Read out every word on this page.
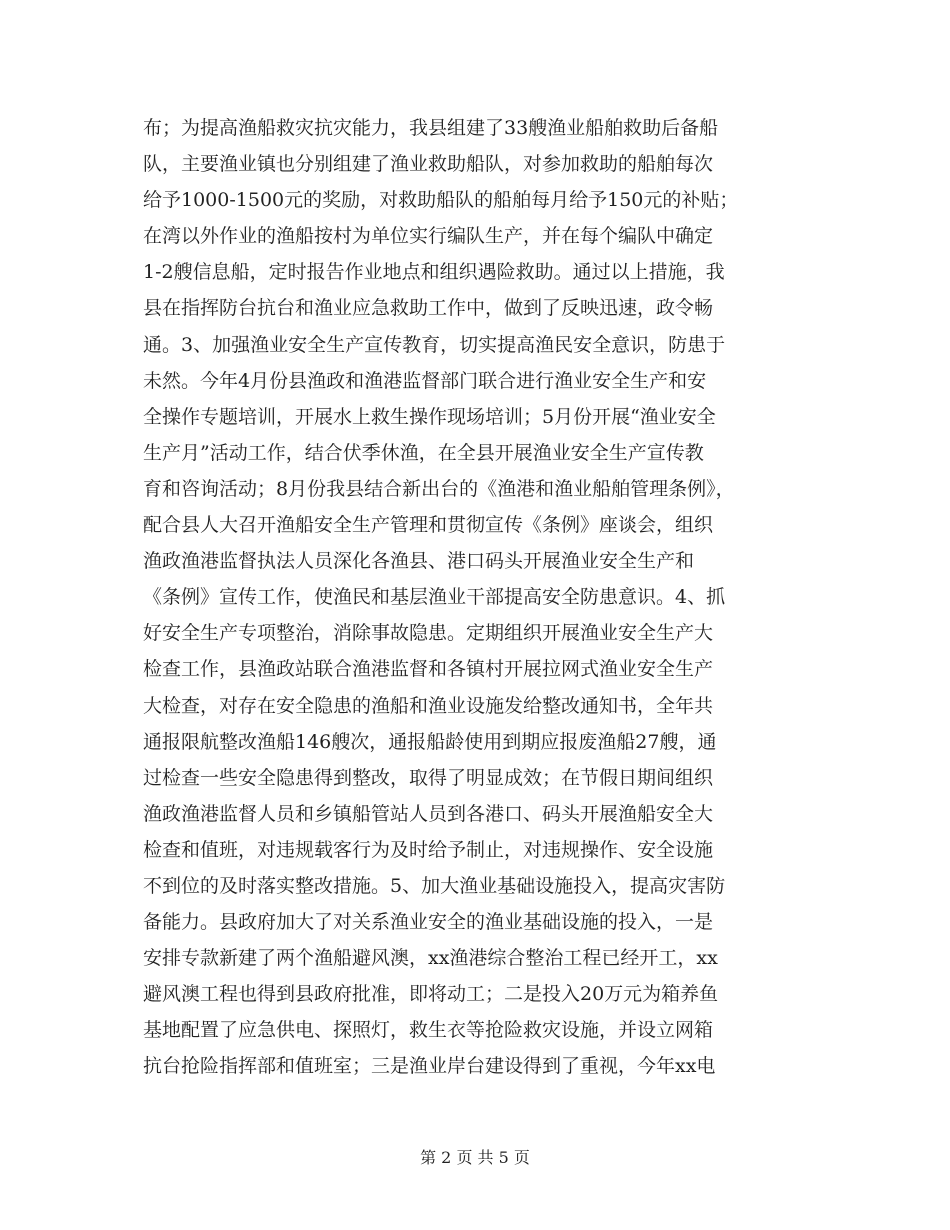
布；为提高渔船救灾抗灾能力，我县组建了33艘渔业船舶救助后备船
队，主要渔业镇也分别组建了渔业救助船队，对参加救助的船舶每次
给予1000-1500元的奖励，对救助船队的船舶每月给予150元的补贴；
在湾以外作业的渔船按村为单位实行编队生产，并在每个编队中确定
1-2艘信息船，定时报告作业地点和组织遇险救助。通过以上措施，我
县在指挥防台抗台和渔业应急救助工作中，做到了反映迅速，政令畅
通。3、加强渔业安全生产宣传教育，切实提高渔民安全意识，防患于
未然。今年4月份县渔政和渔港监督部门联合进行渔业安全生产和安
全操作专题培训，开展水上救生操作现场培训；5月份开展“渔业安全
生产月”活动工作，结合伏季休渔，在全县开展渔业安全生产宣传教
育和咨询活动；8月份我县结合新出台的《渔港和渔业船舶管理条例》，
配合县人大召开渔船安全生产管理和贯彻宣传《条例》座谈会，组织
渔政渔港监督执法人员深化各渔县、港口码头开展渔业安全生产和
《条例》宣传工作，使渔民和基层渔业干部提高安全防患意识。4、抓
好安全生产专项整治，消除事故隐患。定期组织开展渔业安全生产大
检查工作，县渔政站联合渔港监督和各镇村开展拉网式渔业安全生产
大检查，对存在安全隐患的渔船和渔业设施发给整改通知书，全年共
通报限航整改渔船146艘次，通报船龄使用到期应报废渔船27艘，通
过检查一些安全隐患得到整改，取得了明显成效；在节假日期间组织
渔政渔港监督人员和乡镇船管站人员到各港口、码头开展渔船安全大
检查和值班，对违规载客行为及时给予制止，对违规操作、安全设施
不到位的及时落实整改措施。5、加大渔业基础设施投入，提高灾害防
备能力。县政府加大了对关系渔业安全的渔业基础设施的投入，一是
安排专款新建了两个渔船避风澳，xx渔港综合整治工程已经开工，xx
避风澳工程也得到县政府批准，即将动工；二是投入20万元为箱养鱼
基地配置了应急供电、探照灯，救生衣等抢险救灾设施，并设立网箱
抗台抢险指挥部和值班室；三是渔业岸台建设得到了重视，今年xx电
第 2 页 共 5 页
